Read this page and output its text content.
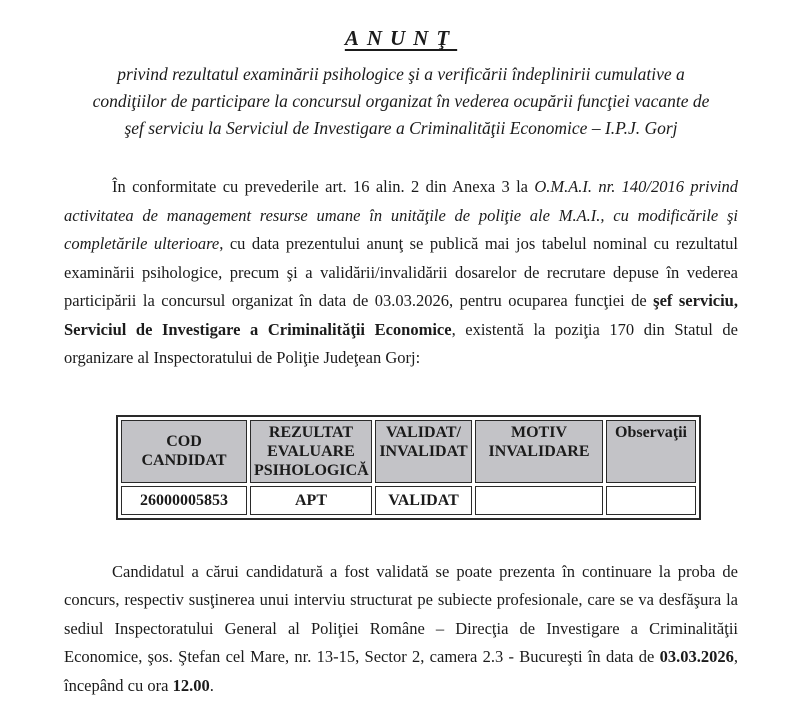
ANUNŢ
privind rezultatul examinării psihologice şi a verificării îndeplinirii cumulative a condiţiilor de participare la concursul organizat în vederea ocupării funcţiei vacante de şef serviciu la Serviciul de Investigare a Criminalităţii Economice – I.P.J. Gorj

În conformitate cu prevederile art. 16 alin. 2 din Anexa 3 la O.M.A.I. nr. 140/2016 privind activitatea de management resurse umane în unităţile de poliţie ale M.A.I., cu modificările şi completările ulterioare, cu data prezentului anunţ se publică mai jos tabelul nominal cu rezultatul examinării psihologice, precum şi a validării/invalidării dosarelor de recrutare depuse în vederea participării la concursul organizat în data de 03.03.2026, pentru ocuparea funcţiei de şef serviciu, Serviciul de Investigare a Criminalităţii Economice, existentă la poziţia 170 din Statul de organizare al Inspectoratului de Poliţie Judeţean Gorj:

COD CANDIDAT	REZULTAT EVALUARE PSIHOLOGICĂ	VALIDAT/ INVALIDAT	MOTIV INVALIDARE	Observaţii
26000005853	APT	VALIDAT		

Candidatul a cărui candidatură a fost validată se poate prezenta în continuare la proba de concurs, respectiv susţinerea unui interviu structurat pe subiecte profesionale, care se va desfăşura la sediul Inspectoratului General al Poliţiei Române – Direcţia de Investigare a Criminalităţii Economice, şos. Ştefan cel Mare, nr. 13-15, Sector 2, camera 2.3 - Bucureşti în data de 03.03.2026, începând cu ora 12.00.
